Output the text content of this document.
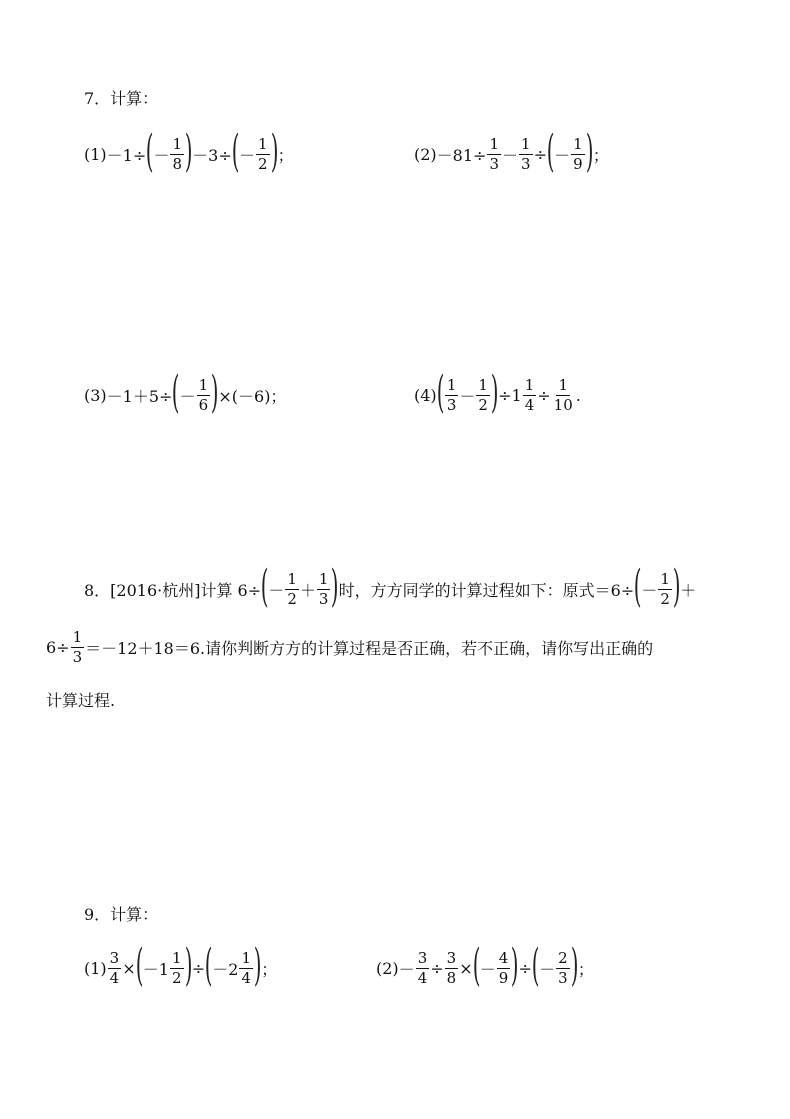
7．计算：
(1) －1÷ ( － $\frac{1}{8}$ ) －3÷ ( － $\frac{1}{2}$ ) ；	$(2) -81\div \frac{1}{3} - \frac{1}{3}$ ÷ ( － $\frac{1}{9}$ ) ；
(3) －1＋5÷ ( － $\frac{1}{6}$ ) ×(－6)；	(4) ( $\frac{1}{3} - \frac{1}{2}$ ) $\div 1 \frac{1}{4} \div \frac{1}{10}$ .
8．[2016·杭州]计算 6÷ ( － $\frac{1}{2} + \frac{1}{3}$ ) 时，方方同学的计算过程如下：原式＝6÷ ( － $\frac{1}{2}$ ) ＋
$6\div \frac{1}{3} =-12+18=6$.请你判断方方的计算过程是否正确，若不正确，请你写出正确的
计算过程.
9．计算：
$(1) \frac{3}{4}$ × ( $-1 \frac{1}{2}$ ) ÷ ( $-2 \frac{1}{4}$ ) ；	$(2) - \frac{3}{4} \div \frac{3}{8}$ × ( － $\frac{4}{9}$ ) ÷ ( － $\frac{2}{3}$ ) ；
